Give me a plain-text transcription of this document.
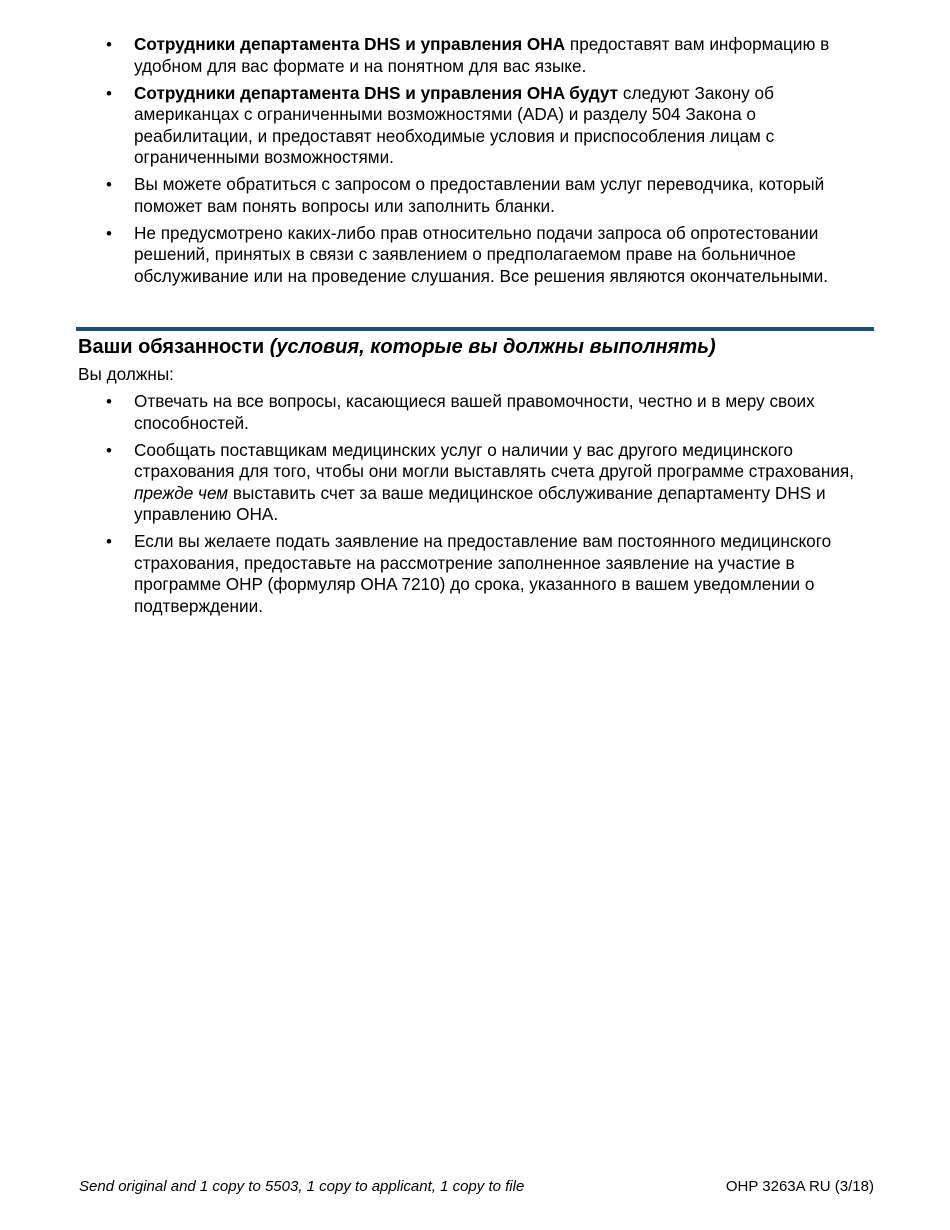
• Сотрудники департамента DHS и управления OHA предоставят вам информацию в удобном для вас формате и на понятном для вас языке.
• Сотрудники департамента DHS и управления OHA будут следуют Закону об американцах с ограниченными возможностями (ADA) и разделу 504 Закона о реабилитации, и предоставят необходимые условия и приспособления лицам с ограниченными возможностями.
• Вы можете обратиться с запросом о предоставлении вам услуг переводчика, который поможет вам понять вопросы или заполнить бланки.
• Не предусмотрено каких-либо прав относительно подачи запроса об опротестовании решений, принятых в связи с заявлением о предполагаемом праве на больничное обслуживание или на проведение слушания. Все решения являются окончательными.
Ваши обязанности (условия, которые вы должны выполнять)
Вы должны:
• Отвечать на все вопросы, касающиеся вашей правомочности, честно и в меру своих способностей.
• Сообщать поставщикам медицинских услуг о наличии у вас другого медицинского страхования для того, чтобы они могли выставлять счета другой программе страхования, прежде чем выставить счет за ваше медицинское обслуживание департаменту DHS и управлению OHA.
• Если вы желаете подать заявление на предоставление вам постоянного медицинского страхования, предоставьте на рассмотрение заполненное заявление на участие в программе OHP (формуляр OHA 7210) до срока, указанного в вашем уведомлении о подтверждении.
Send original and 1 copy to 5503, 1 copy to applicant, 1 copy to file	OHP 3263A RU (3/18)
